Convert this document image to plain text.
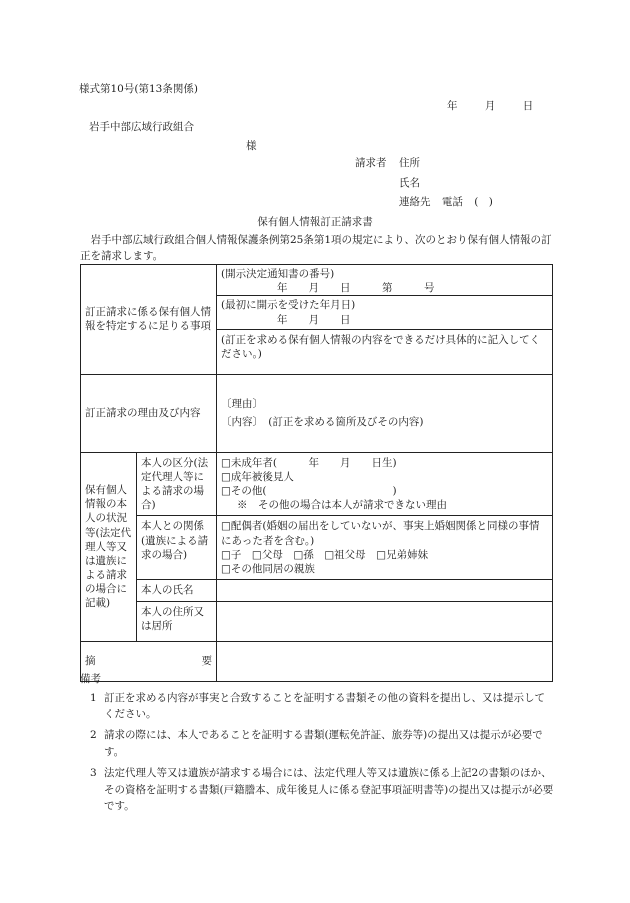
様式第10号(第13条関係)
年	月	日
岩手中部広域行政組合
様
請求者 住所
氏名
連絡先 電話 (　)
保有個人情報訂正請求書
岩手中部広域行政組合個人情報保護条例第25条第1項の規定により、次のとおり保有個人情報の訂正を請求します。
訂正請求に係る保有個人情報を特定するに足りる事項		(開示決定通知書の番号)
年　　月　　日　　　第　　　号
(最初に開示を受けた年月日)
年　　月　　日
(訂正を求める保有個人情報の内容をできるだけ具体的に記入してください。)

訂正請求の理由及び内容		〔理由〕
〔内容〕　(訂正を求める箇所及びその内容)

保有個人情報の本人の状況等(法定代理人等又は遺族による請求の場合に記載)	本人の区分(法定代理人等による請求の場合)	□未成年者(　　　年　　月　　日生)
□成年被後見人
□その他(　　　　　　　　　　　　)
※　その他の場合は本人が請求できない理由

	本人との関係(遺族による請求の場合)	□配偶者(婚姻の届出をしていないが、事実上婚姻関係と同様の事情にあった者を含む。)
□子　□父母　□孫　□祖父母　□兄弟姉妹
□その他同居の親族

	本人の氏名	
	本人の住所又は居所	
摘 要		

備考
1 訂正を求める内容が事実と合致することを証明する書類その他の資料を提出し、又は提示してください。
2 請求の際には、本人であることを証明する書類(運転免許証、旅券等)の提出又は提示が必要です。
3 法定代理人等又は遺族が請求する場合には、法定代理人等又は遺族に係る上記2の書類のほか、その資格を証明する書類(戸籍謄本、成年後見人に係る登記事項証明書等)の提出又は提示が必要です。
